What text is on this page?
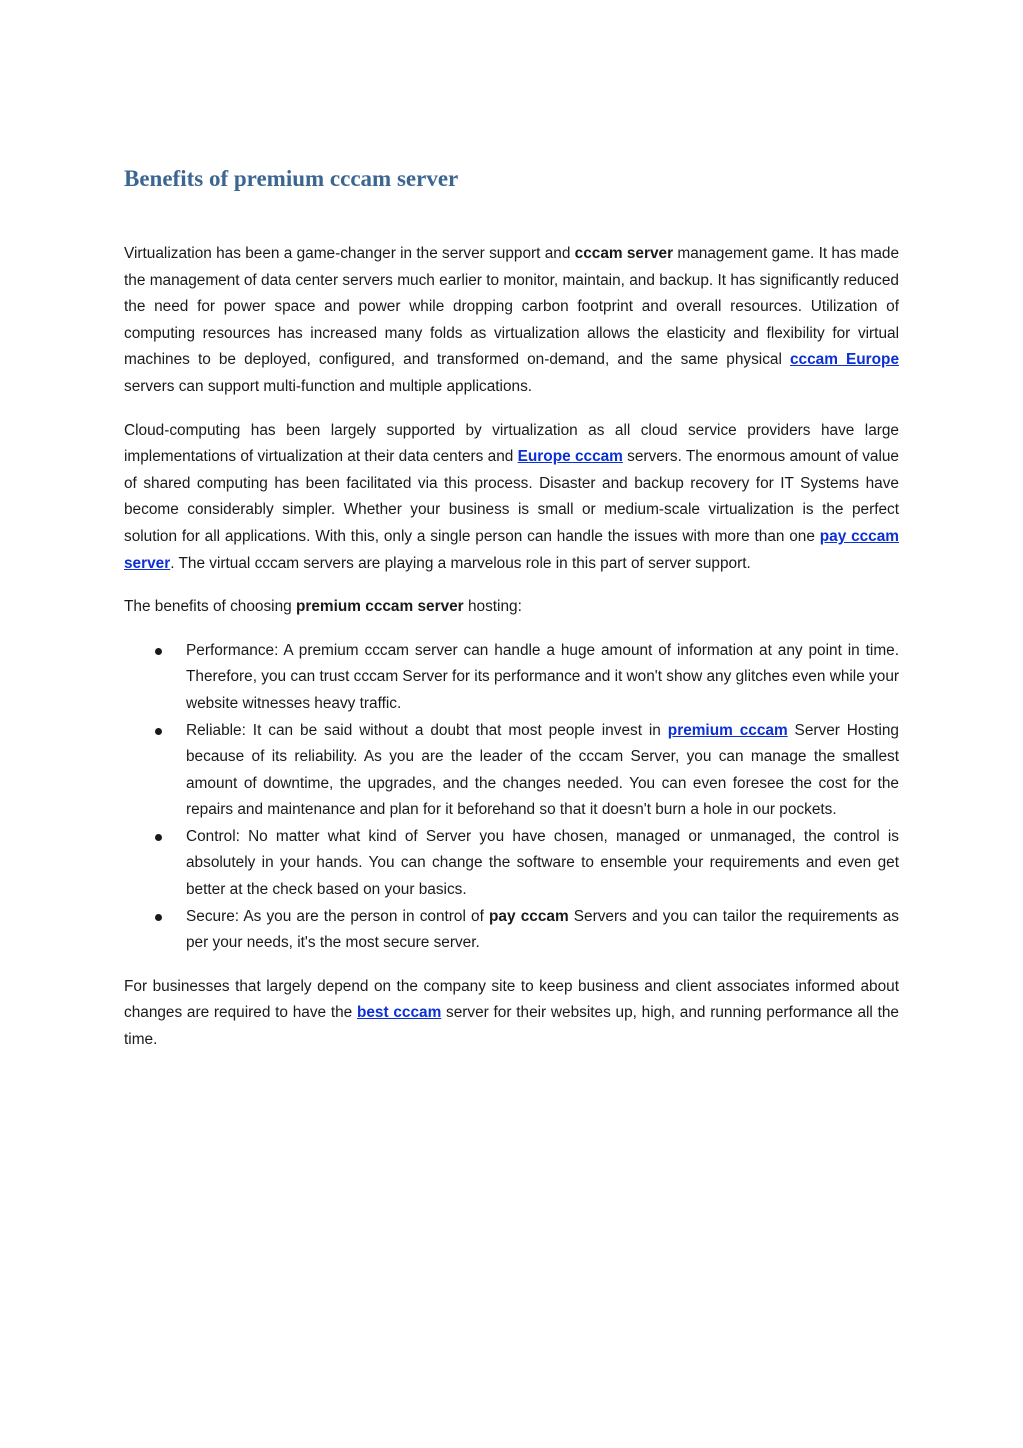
Benefits of premium cccam server

Virtualization has been a game-changer in the server support and cccam server management game. It has made the management of data center servers much earlier to monitor, maintain, and backup. It has significantly reduced the need for power space and power while dropping carbon footprint and overall resources. Utilization of computing resources has increased many folds as virtualization allows the elasticity and flexibility for virtual machines to be deployed, configured, and transformed on-demand, and the same physical cccam Europe servers can support multi-function and multiple applications.

Cloud-computing has been largely supported by virtualization as all cloud service providers have large implementations of virtualization at their data centers and Europe cccam servers. The enormous amount of value of shared computing has been facilitated via this process. Disaster and backup recovery for IT Systems have become considerably simpler. Whether your business is small or medium-scale virtualization is the perfect solution for all applications. With this, only a single person can handle the issues with more than one pay cccam server. The virtual cccam servers are playing a marvelous role in this part of server support.

The benefits of choosing premium cccam server hosting:

Performance: A premium cccam server can handle a huge amount of information at any point in time. Therefore, you can trust cccam Server for its performance and it won't show any glitches even while your website witnesses heavy traffic.
Reliable: It can be said without a doubt that most people invest in premium cccam Server Hosting because of its reliability. As you are the leader of the cccam Server, you can manage the smallest amount of downtime, the upgrades, and the changes needed. You can even foresee the cost for the repairs and maintenance and plan for it beforehand so that it doesn't burn a hole in our pockets.
Control: No matter what kind of Server you have chosen, managed or unmanaged, the control is absolutely in your hands. You can change the software to ensemble your requirements and even get better at the check based on your basics.
Secure: As you are the person in control of pay cccam Servers and you can tailor the requirements as per your needs, it's the most secure server.

For businesses that largely depend on the company site to keep business and client associates informed about changes are required to have the best cccam server for their websites up, high, and running performance all the time.
